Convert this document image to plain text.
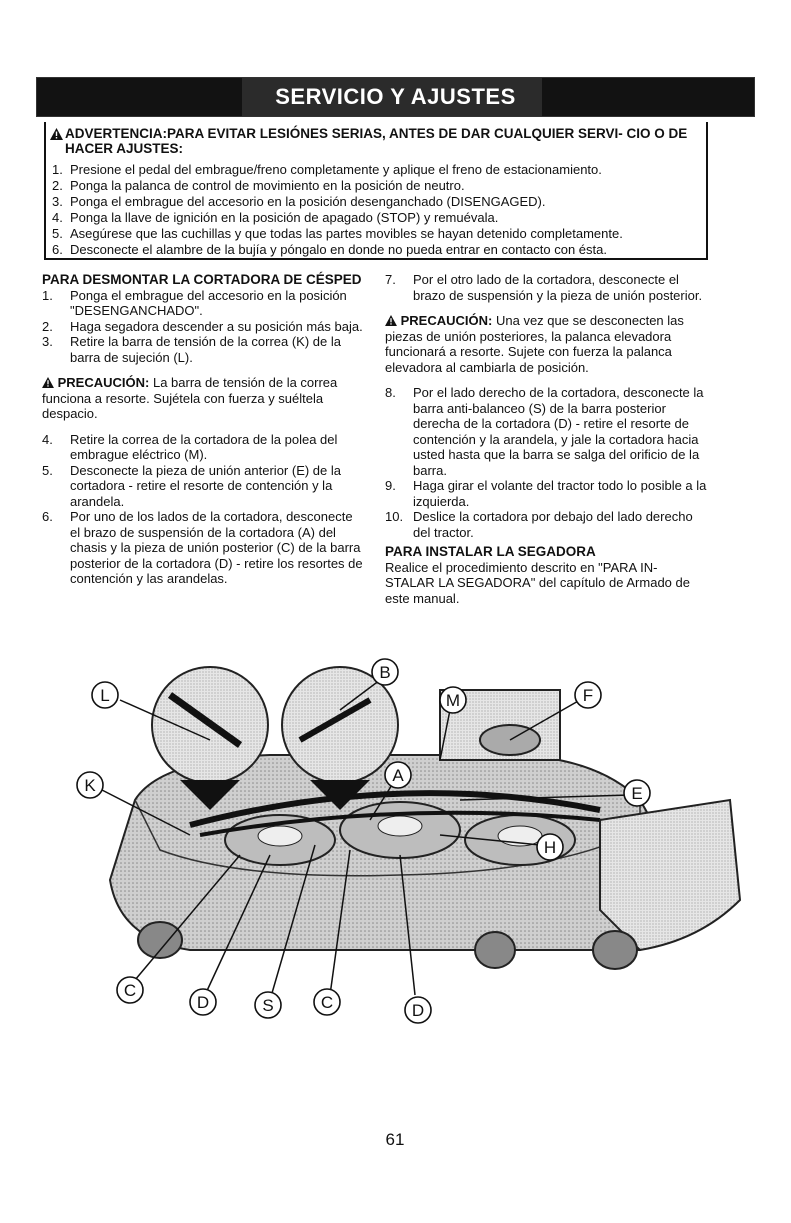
SERVICIO Y AJUSTES
ADVERTENCIA:PARA EVITAR LESIÓNES SERIAS, ANTES DE DAR CUALQUIER SERVI- CIO O DE HACER AJUSTES:
1. Presione el pedal del embrague/freno completamente y aplique el freno de estacionamiento.
2. Ponga la palanca de control de movimiento en la posición de neutro.
3. Ponga el embrague del accesorio en la posición desenganchado (DISENGAGED).
4. Ponga la llave de ignición en la posición de apagado (STOP) y remuévala.
5. Asegúrese que las cuchillas y que todas las partes movibles se hayan detenido completamente.
6. Desconecte el alambre de la bujía y póngalo en donde no pueda entrar en contacto con ésta.
PARA DESMONTAR LA CORTADORA DE CÉSPED

1. Ponga el embrague del accesorio en la posición "DESENGANCHADO".

2. Haga segadora descender a su posición más baja.

3. Retire la barra de tensión de la correa (K) de la barra de sujeción (L).

PRECAUCIÓN: La barra de tensión de la correa funciona a resorte. Sujétela con fuerza y suéltela despacio.

4. Retire la correa de la cortadora de la polea del embrague eléctrico (M).

5. Desconecte la pieza de unión anterior (E) de la cortadora - retire el resorte de contención y la arandela.

6. Por uno de los lados de la cortadora, desconecte el brazo de suspensión de la cortadora (A) del chasis y la pieza de unión posterior (C) de la barra posterior de la cortadora (D) - retire los resortes de contención y las arandelas.

7. Por el otro lado de la cortadora, desconecte el brazo de suspensión y la pieza de unión posterior.

PRECAUCIÓN: Una vez que se desconecten las piezas de unión posteriores, la palanca elevadora funcionará a resorte. Sujete con fuerza la palanca elevadora al cambiarla de posición.

8. Por el lado derecho de la cortadora, desconecte la barra anti-balanceo (S) de la barra posterior derecha de la cortadora (D) - retire el resorte de contención y la arandela, y jale la cortadora hacia usted hasta que la barra se salga del orificio de la barra.

9. Haga girar el volante del tractor todo lo posible a la izquierda.

10. Deslice la cortadora por debajo del lado derecho del tractor.

PARA INSTALAR LA SEGADORA
Realice el procedimiento descrito en "PARA IN- STALAR LA SEGADORA" del capítulo de Armado de este manual.
L
K
B
A
M	F
E
H
C
D	S	C	D
61
